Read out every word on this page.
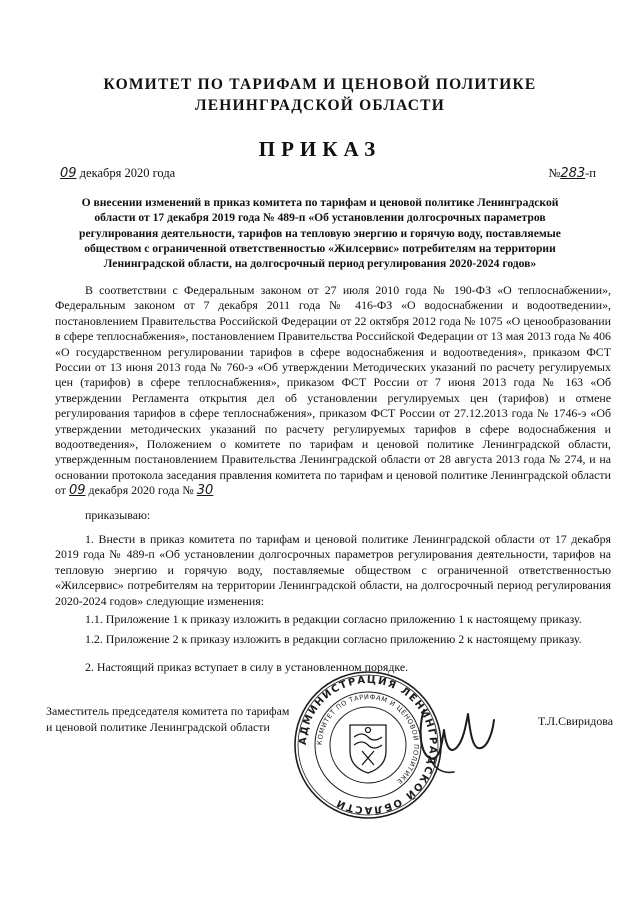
КОМИТЕТ ПО ТАРИФАМ И ЦЕНОВОЙ ПОЛИТИКЕ
ЛЕНИНГРАДСКОЙ ОБЛАСТИ
ПРИКАЗ
09 декабря 2020 года	№283-п
О внесении изменений в приказ комитета по тарифам и ценовой политике Ленинградской области от 17 декабря 2019 года № 489-п «Об установлении долгосрочных параметров регулирования деятельности, тарифов на тепловую энергию и горячую воду, поставляемые обществом с ограниченной ответственностью «Жилсервис» потребителям на территории Ленинградской области, на долгосрочный период регулирования 2020-2024 годов»
В соответствии с Федеральным законом от 27 июля 2010 года № 190-ФЗ «О теплоснабжении», Федеральным законом от 7 декабря 2011 года № 416-ФЗ «О водоснабжении и водоотведении», постановлением Правительства Российской Федерации от 22 октября 2012 года № 1075 «О ценообразовании в сфере теплоснабжения», постановлением Правительства Российской Федерации от 13 мая 2013 года № 406 «О государственном регулировании тарифов в сфере водоснабжения и водоотведения», приказом ФСТ России от 13 июня 2013 года № 760-э «Об утверждении Методических указаний по расчету регулируемых цен (тарифов) в сфере теплоснабжения», приказом ФСТ России от 7 июня 2013 года № 163 «Об утверждении Регламента открытия дел об установлении регулируемых цен (тарифов) и отмене регулирования тарифов в сфере теплоснабжения», приказом ФСТ России от 27.12.2013 года № 1746-э «Об утверждении методических указаний по расчету регулируемых тарифов в сфере водоснабжения и водоотведения», Положением о комитете по тарифам и ценовой политике Ленинградской области, утвержденным постановлением Правительства Ленинградской области от 28 августа 2013 года № 274, и на основании протокола заседания правления комитета по тарифам и ценовой политике Ленинградской области от 09 декабря 2020 года № 30
приказываю:
1. Внести в приказ комитета по тарифам и ценовой политике Ленинградской области от 17 декабря 2019 года № 489-п «Об установлении долгосрочных параметров регулирования деятельности, тарифов на тепловую энергию и горячую воду, поставляемые обществом с ограниченной ответственностью «Жилсервис» потребителям на территории Ленинградской области, на долгосрочный период регулирования 2020-2024 годов» следующие изменения:
1.1. Приложение 1 к приказу изложить в редакции согласно приложению 1 к настоящему приказу.
1.2. Приложение 2 к приказу изложить в редакции согласно приложению 2 к настоящему приказу.
2. Настоящий приказ вступает в силу в установленном порядке.
Заместитель председателя комитета по тарифам
и ценовой политике Ленинградской области
АДМИНИСТРАЦИЯ ЛЕНИНГРАДСКОЙ ОБЛАСТИ
КОМИТЕТ ПО ТАРИФАМ И ЦЕНОВОЙ ПОЛИТИКЕ
Т.Л.Свиридова
